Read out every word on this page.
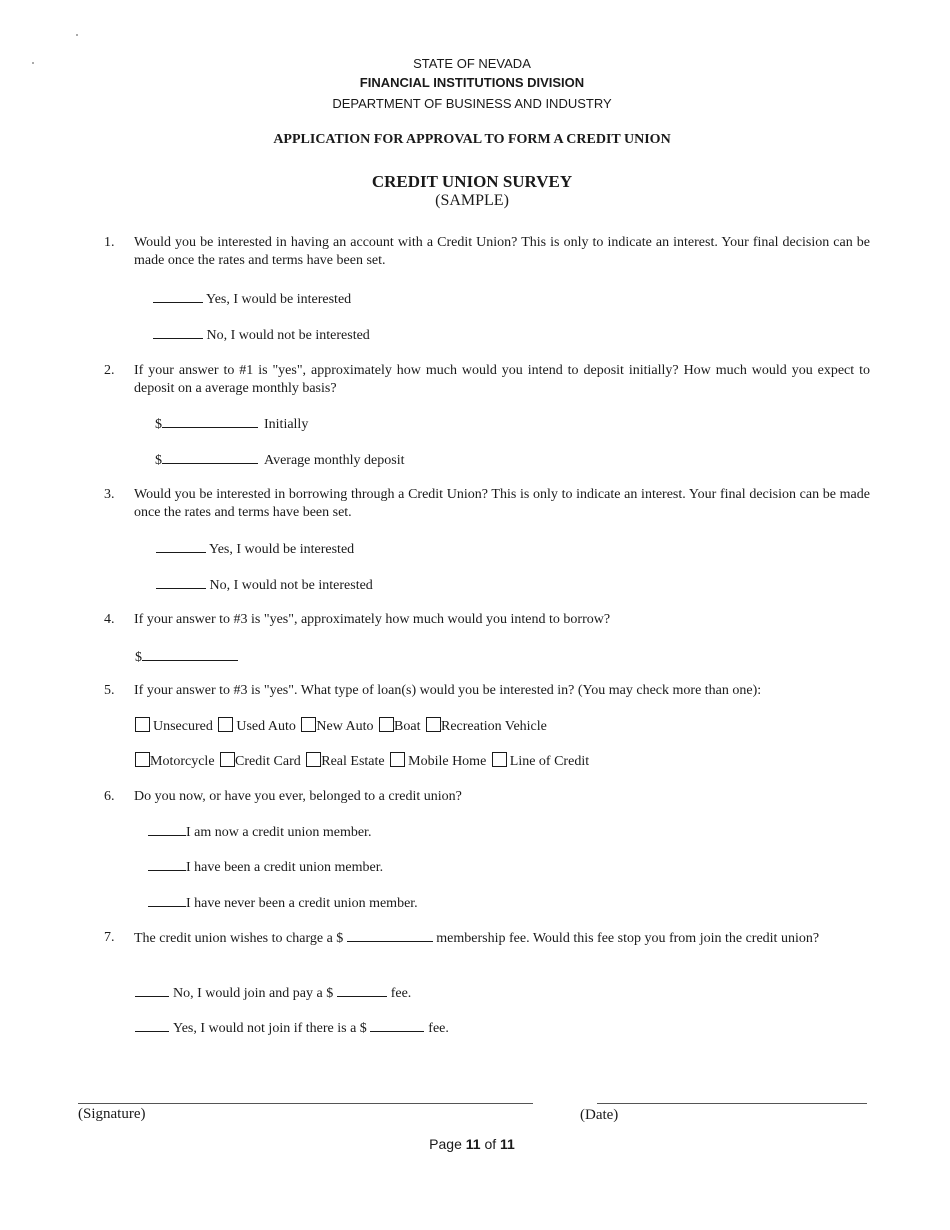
STATE OF NEVADA
FINANCIAL INSTITUTIONS DIVISION
DEPARTMENT OF BUSINESS AND INDUSTRY
APPLICATION FOR APPROVAL TO FORM A CREDIT UNION
CREDIT UNION SURVEY
(SAMPLE)
1. Would you be interested in having an account with a Credit Union? This is only to indicate an interest. Your final decision can be made once the rates and terms have been set.
Yes, I would be interested
No, I would not be interested
2. If your answer to #1 is "yes", approximately how much would you intend to deposit initially? How much would you expect to deposit on a average monthly basis?
$	Initially
$	Average monthly deposit
3. Would you be interested in borrowing through a Credit Union? This is only to indicate an interest. Your final decision can be made once the rates and terms have been set.
Yes, I would be interested
No, I would not be interested
4. If your answer to #3 is "yes", approximately how much would you intend to borrow?
$
5. If your answer to #3 is "yes". What type of loan(s) would you be interested in? (You may check more than one):
Unsecured Used Auto New Auto Boat Recreation Vehicle
Motorcycle Credit Card Real Estate Mobile Home Line of Credit
6. Do you now, or have you ever, belonged to a credit union?
I am now a credit union member.
I have been a credit union member.
I have never been a credit union member.
7. The credit union wishes to charge a $	membership fee. Would this fee stop you from join the credit union?
No, I would join and pay a $	fee.
Yes, I would not join if there is a $	fee.
(Signature)	(Date)
Page 11 of 11
